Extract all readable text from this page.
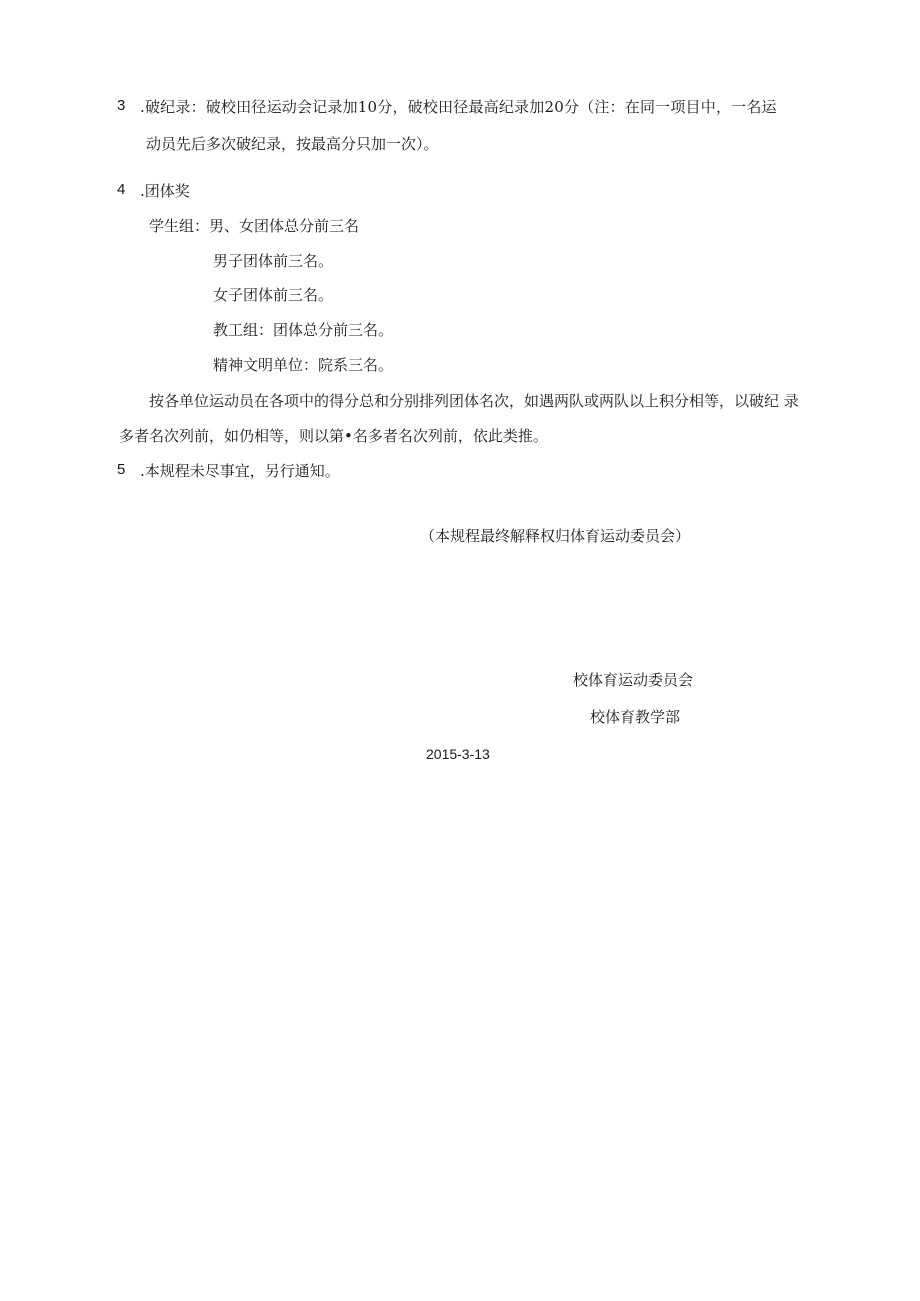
3 .破纪录：破校田径运动会记录加10分，破校田径最高纪录加20分（注：在同一项目中，一名运
动员先后多次破纪录，按最高分只加一次）。
4 .团体奖
学生组：男、女团体总分前三名
男子团体前三名。
女子团体前三名。
教工组：团体总分前三名。
精神文明单位：院系三名。
按各单位运动员在各项中的得分总和分别排列团体名次，如遇两队或两队以上积分相等，以破纪 录
多者名次列前，如仍相等，则以第•名多者名次列前，依此类推。
5 .本规程未尽事宜，另行通知。
（本规程最终解释权归体育运动委员会）
校体育运动委员会
校体育教学部
2015-3-13
